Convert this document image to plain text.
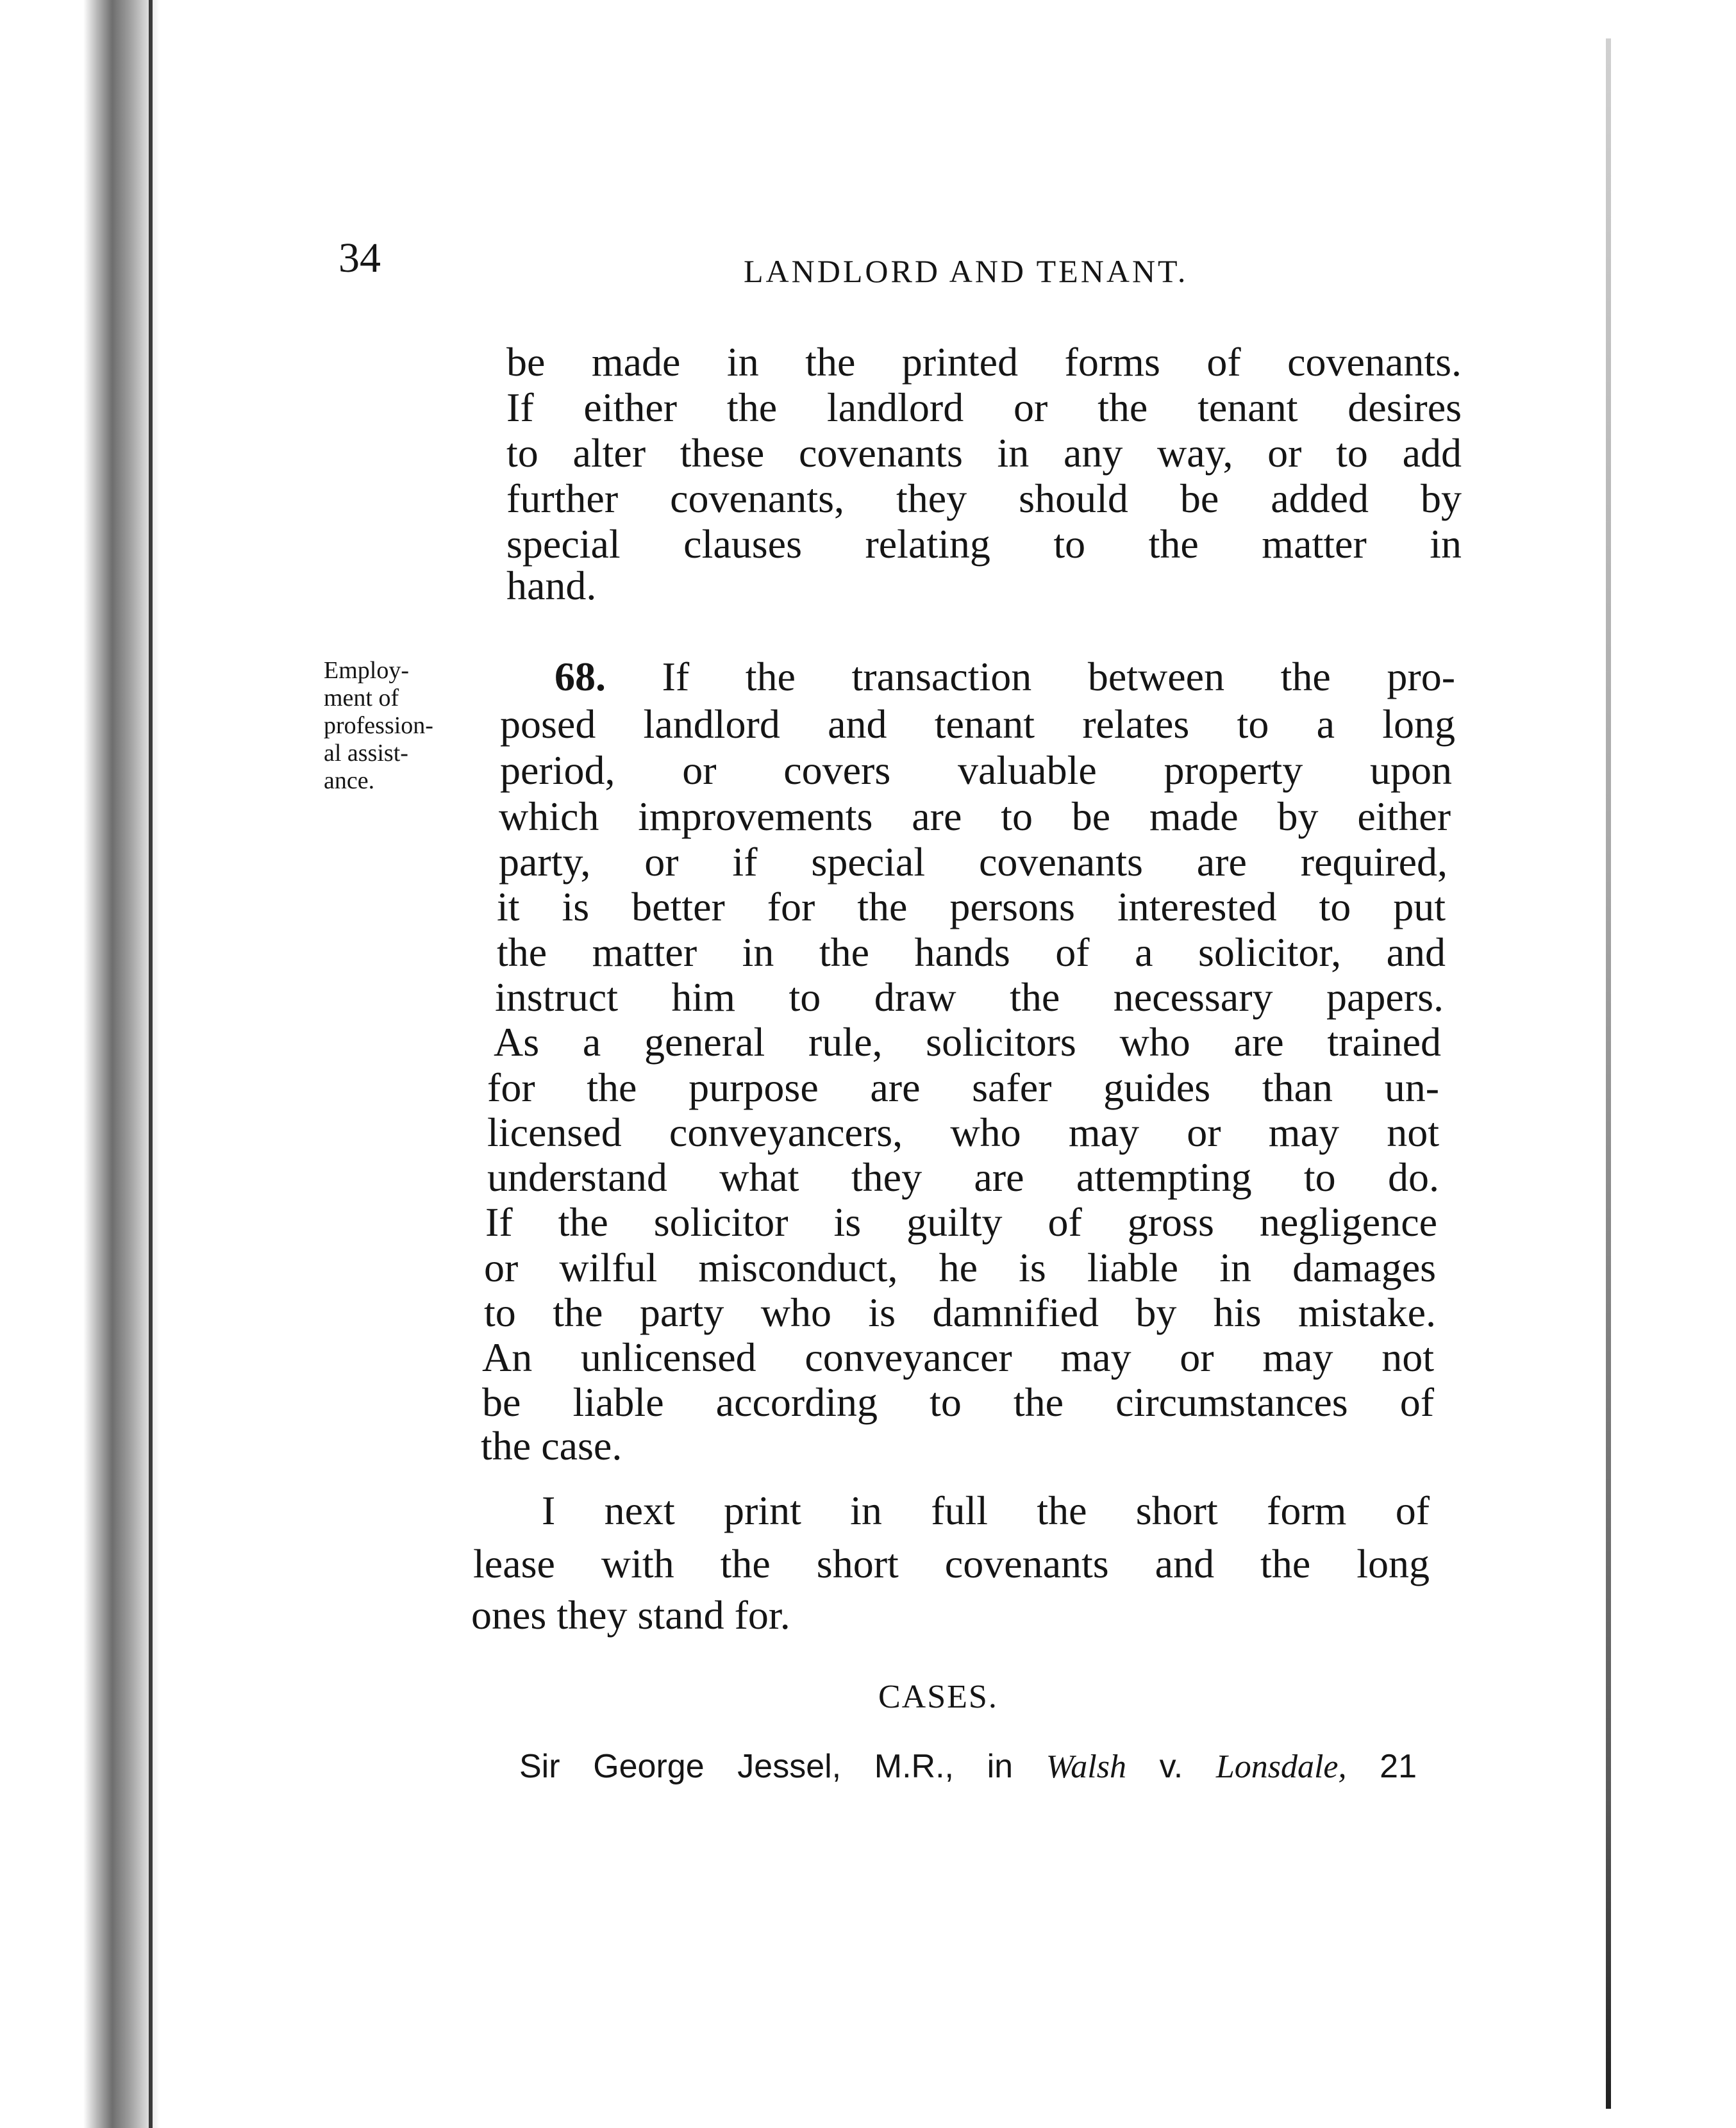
34	LANDLORD AND TENANT.
be made in the printed forms of covenants.
If either the landlord or the tenant desires
to alter these covenants in any way, or to add
further covenants, they should be added by
special clauses relating to the matter in
hand.
Employ-
ment of
profession-
al assist-
ance.
68. If the transaction between the pro-
posed landlord and tenant relates to a long
period, or covers valuable property upon
which improvements are to be made by either
party, or if special covenants are required,
it is better for the persons interested to put
the matter in the hands of a solicitor, and
instruct him to draw the necessary papers.
As a general rule, solicitors who are trained
for the purpose are safer guides than un-
licensed conveyancers, who may or may not
understand what they are attempting to do.
If the solicitor is guilty of gross negligence
or wilful misconduct, he is liable in damages
to the party who is damnified by his mistake.
An unlicensed conveyancer may or may not
be liable according to the circumstances of
the case.
I next print in full the short form of
lease with the short covenants and the long
ones they stand for.
CASES.
Sir George Jessel, M.R., in Walsh v. Lonsdale, 21
